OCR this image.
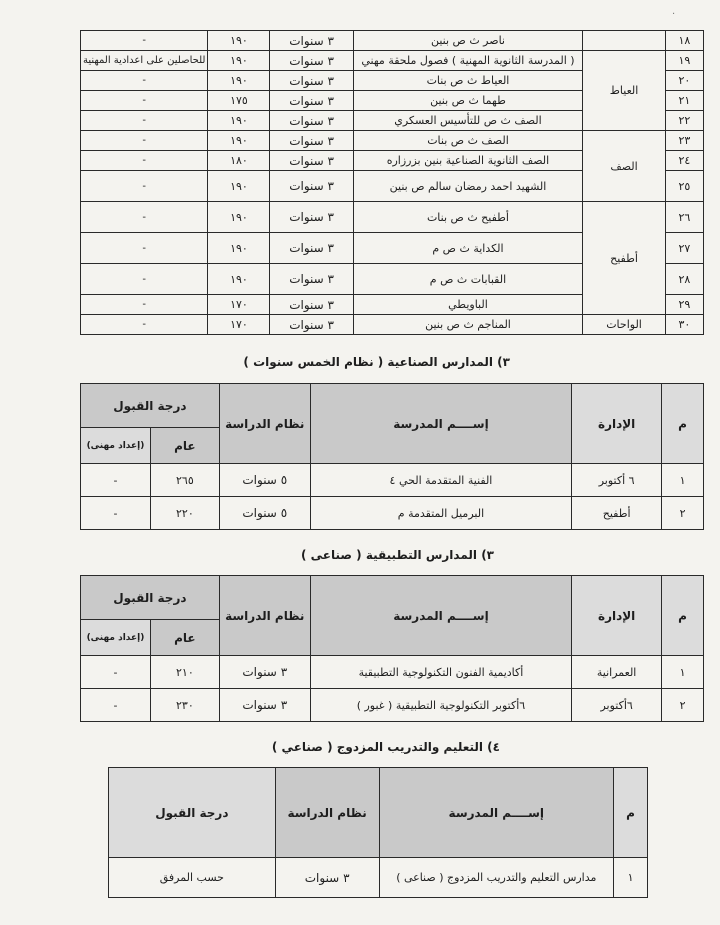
.
١٨		ناصر ث ص بنين	٣ سنوات	١٩٠	-
١٩	العياط	( المدرسة الثانوية المهنية ) فصول ملحقة مهني	٣ سنوات	١٩٠	للحاصلين على اعدادية المهنية
٢٠		العياط ث ص بنات	٣ سنوات	١٩٠	-
٢١		طهما ث ص بنين	٣ سنوات	١٧٥	-
٢٢		الصف ث ص للتأسيس العسكري	٣ سنوات	١٩٠	-
٢٣	الصف	الصف ث ص بنات	٣ سنوات	١٩٠	-
٢٤		الصف الثانوية الصناعية بنين بزرزاره	٣ سنوات	١٨٠	-
٢٥		الشهيد احمد رمضان سالم ص بنين	٣ سنوات	١٩٠	-
٢٦	أطفيح	أطفيح ث ص بنات	٣ سنوات	١٩٠	-
٢٧		الكداية ث ص م	٣ سنوات	١٩٠	-
٢٨		القبابات ث ص م	٣ سنوات	١٩٠	-
٢٩		الباويطي	٣ سنوات	١٧٠	-
٣٠	الواحات	المناجم ث ص بنين	٣ سنوات	١٧٠	-
٣) المدارس الصناعية ( نظام الخمس سنوات )
م	الإدارة	إســــم المدرسة	نظام الدراسة	درجة القبول	
				عام	(إعداد مهنى)
١	٦ أكتوبر	الفنية المتقدمة الحي ٤	٥ سنوات	٢٦٥	-
٢	أطفيح	البرميل المتقدمة م	٥ سنوات	٢٢٠	-
٣) المدارس التطبيقية ( صناعى )
م	الإدارة	إســــم المدرسة	نظام الدراسة	درجة القبول	
				عام	(إعداد مهنى)
١	العمرانية	أكاديمية الفنون التكنولوجية التطبيقية	٣ سنوات	٢١٠	-
٢	٦أكتوبر	٦أكتوبر التكنولوجية التطبيقية ( غبور )	٣ سنوات	٢٣٠	-
٤) التعليم والتدريب المزدوج ( صناعي )
م	إســــم المدرسة	نظام الدراسة	درجة القبول
١	مدارس التعليم والتدريب المزدوج ( صناعى )	٣ سنوات	حسب المرفق
